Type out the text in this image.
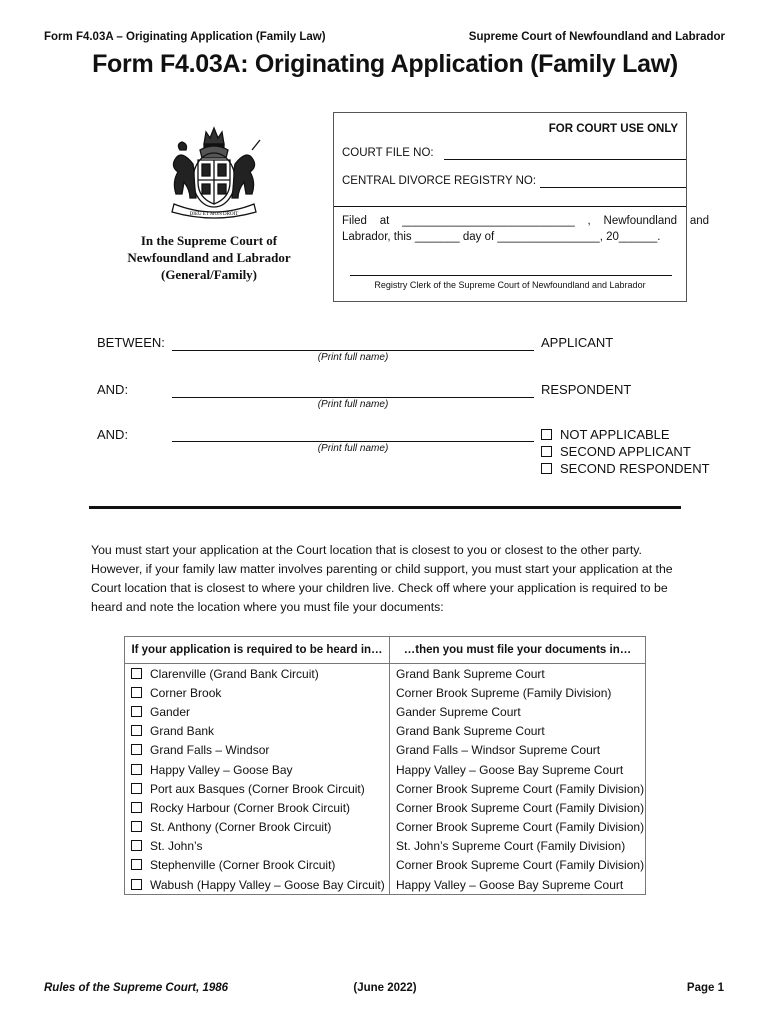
Form F4.03A – Originating Application (Family Law)	Supreme Court of Newfoundland and Labrador
Form F4.03A: Originating Application (Family Law)
DIEU ET MON DROIT
In the Supreme Court of
Newfoundland and Labrador
(General/Family)
FOR COURT USE ONLY
COURT FILE NO:
CENTRAL DIVORCE REGISTRY NO:
Filed    at    ___________________________    ,    Newfoundland    and
Labrador, this _______ day of ________________, 20______.
Registry Clerk of the Supreme Court of Newfoundland and Labrador
BETWEEN:
(Print full name)
APPLICANT
AND:
(Print full name)
RESPONDENT
AND:
(Print full name)
NOT APPLICABLE
SECOND APPLICANT
SECOND RESPONDENT
You must start your application at the Court location that is closest to you or closest to the other party. However, if your family law matter involves parenting or child support, you must start your application at the Court location that is closest to where your children live. Check off where your application is required to be heard and note the location where you must file your documents:
If your application is required to be heard in…	…then you must file your documents in…
Clarenville (Grand Bank Circuit)	Grand Bank Supreme Court
Corner Brook	Corner Brook Supreme (Family Division)
Gander	Gander Supreme Court
Grand Bank	Grand Bank Supreme Court
Grand Falls – Windsor	Grand Falls – Windsor Supreme Court
Happy Valley – Goose Bay	Happy Valley – Goose Bay Supreme Court
Port aux Basques (Corner Brook Circuit)	Corner Brook Supreme Court (Family Division)
Rocky Harbour (Corner Brook Circuit)	Corner Brook Supreme Court (Family Division)
St. Anthony (Corner Brook Circuit)	Corner Brook Supreme Court (Family Division)
St. John’s	St. John’s Supreme Court (Family Division)
Stephenville (Corner Brook Circuit)	Corner Brook Supreme Court (Family Division)
Wabush (Happy Valley – Goose Bay Circuit)	Happy Valley – Goose Bay Supreme Court
Rules of the Supreme Court, 1986	(June 2022)	Page 1
